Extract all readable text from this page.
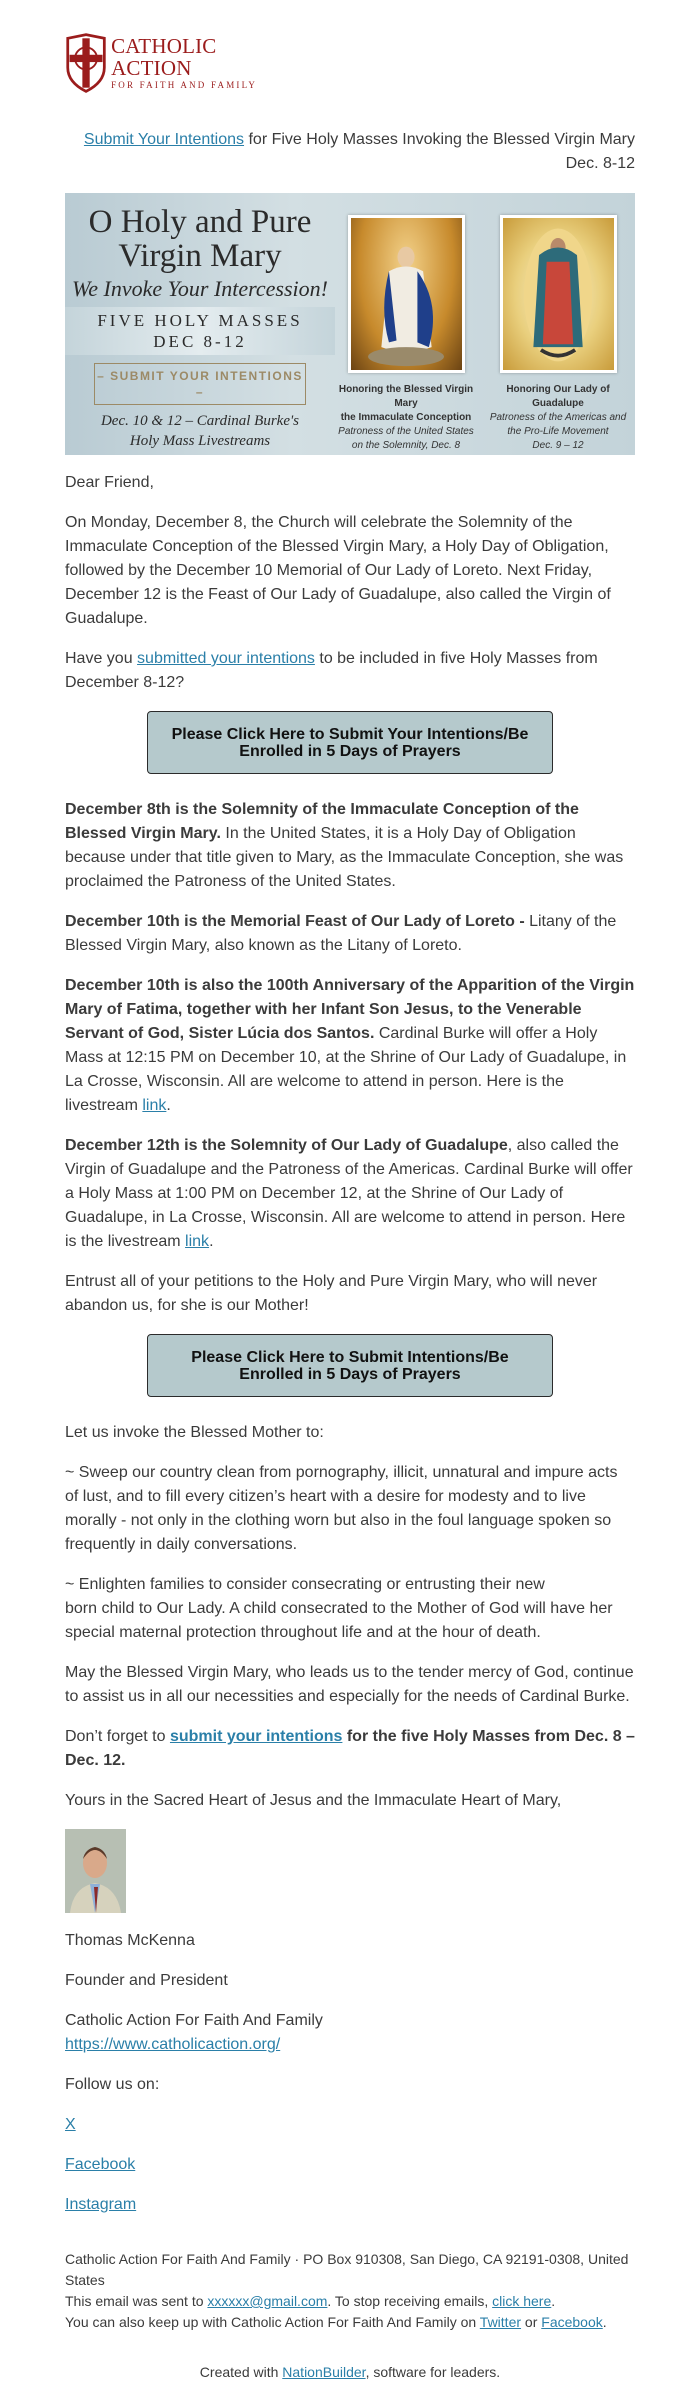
CATHOLIC ACTION
FOR FAITH AND FAMILY
Submit Your Intentions for Five Holy Masses Invoking the Blessed Virgin Mary
Dec. 8-12
O Holy and Pure
Virgin Mary
We Invoke Your Intercession!
FIVE HOLY MASSES
DEC 8-12
– SUBMIT YOUR INTENTIONS –
Dec. 10 & 12 – Cardinal Burke's
Holy Mass Livestreams
Honoring the Blessed Virgin Mary
the Immaculate Conception
Patroness of the United States
on the Solemnity, Dec. 8
Honoring Our Lady of Guadalupe
Patroness of the Americas and
the Pro-Life Movement
Dec. 9 – 12

Dear Friend,

On Monday, December 8, the Church will celebrate the Solemnity of the Immaculate Conception of the Blessed Virgin Mary, a Holy Day of Obligation, followed by the December 10 Memorial of Our Lady of Loreto. Next Friday, December 12 is the Feast of Our Lady of Guadalupe, also called the Virgin of Guadalupe.

Have you submitted your intentions to be included in five Holy Masses from December 8-12?

Please Click Here to Submit Your Intentions/Be Enrolled in 5 Days of Prayers

December 8th is the Solemnity of the Immaculate Conception of the Blessed Virgin Mary. In the United States, it is a Holy Day of Obligation because under that title given to Mary, as the Immaculate Conception, she was proclaimed the Patroness of the United States.

December 10th is the Memorial Feast of Our Lady of Loreto - Litany of the Blessed Virgin Mary, also known as the Litany of Loreto.

December 10th is also the 100th Anniversary of the Apparition of the Virgin Mary of Fatima, together with her Infant Son Jesus, to the Venerable Servant of God, Sister Lúcia dos Santos. Cardinal Burke will offer a Holy Mass at 12:15 PM on December 10, at the Shrine of Our Lady of Guadalupe, in La Crosse, Wisconsin. All are welcome to attend in person. Here is the livestream link.

December 12th is the Solemnity of Our Lady of Guadalupe, also called the Virgin of Guadalupe and the Patroness of the Americas. Cardinal Burke will offer a Holy Mass at 1:00 PM on December 12, at the Shrine of Our Lady of Guadalupe, in La Crosse, Wisconsin. All are welcome to attend in person. Here is the livestream link.

Entrust all of your petitions to the Holy and Pure Virgin Mary, who will never abandon us, for she is our Mother!

Please Click Here to Submit Intentions/Be Enrolled in 5 Days of Prayers

Let us invoke the Blessed Mother to:

~ Sweep our country clean from pornography, illicit, unnatural and impure acts of lust, and to fill every citizen’s heart with a desire for modesty and to live morally - not only in the clothing worn but also in the foul language spoken so frequently in daily conversations.

~ Enlighten families to consider consecrating or entrusting their new
born child to Our Lady. A child consecrated to the Mother of God will have her special maternal protection throughout life and at the hour of death.

May the Blessed Virgin Mary, who leads us to the tender mercy of God, continue to assist us in all our necessities and especially for the needs of Cardinal Burke.

Don’t forget to submit your intentions for the five Holy Masses from Dec. 8 – Dec. 12.

Yours in the Sacred Heart of Jesus and the Immaculate Heart of Mary,

Thomas McKenna

Founder and President

Catholic Action For Faith And Family
https://www.catholicaction.org/

Follow us on:

X

Facebook

Instagram

Catholic Action For Faith And Family · PO Box 910308, San Diego, CA 92191-0308, United States
This email was sent to xxxxxx@gmail.com. To stop receiving emails, click here.
You can also keep up with Catholic Action For Faith And Family on Twitter or Facebook.
Created with NationBuilder, software for leaders.
